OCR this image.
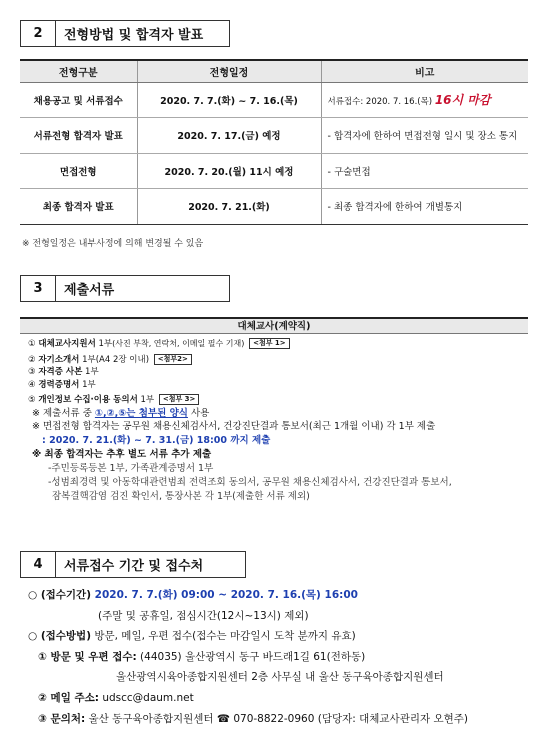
2	전형방법 및 합격자 발표
전형구분	전형일정	비고
채용공고 및 서류접수	2020. 7. 7.(화) ~ 7. 16.(목)	서류접수: 2020. 7. 16.(목) 16시 마감
서류전형 합격자 발표	2020. 7. 17.(금) 예정	- 합격자에 한하여 면접전형 일시 및 장소 통지
면접전형	2020. 7. 20.(월) 11시 예정	- 구술면접
최종 합격자 발표	2020. 7. 21.(화)	- 최종 합격자에 한하여 개별통지
※ 전형일정은 내부사정에 의해 변경될 수 있음
3	제출서류
대체교사(계약직)
① 대체교사지원서 1부(사진 부착, 연락처, 이메일 필수 기재) <첨부 1>
② 자기소개서 1부(A4 2장 이내) <첨부2>
③ 자격증 사본 1부
④ 경력증명서 1부
⑤ 개인정보 수집·이용 동의서 1부 <첨부 3>
※ 제출서류 중 ①,②,⑤는 첨부된 양식 사용
※ 면접전형 합격자는 공무원 채용신체검사서, 건강진단결과 통보서(최근 1개월 이내) 각 1부 제출
: 2020. 7. 21.(화) ~ 7. 31.(금) 18:00 까지 제출
※ 최종 합격자는 추후 별도 서류 추가 제출
-주민등록등본 1부, 가족관계증명서 1부
-성범죄경력 및 아동학대관련범죄 전력조회 동의서, 공무원 채용신체검사서, 건강진단결과 통보서,
잠복결핵감염 검진 확인서, 통장사본 각 1부(제출한 서류 제외)
4	서류접수 기간 및 접수처
○ (접수기간) 2020. 7. 7.(화) 09:00 ~ 2020. 7. 16.(목) 16:00
(주말 및 공휴일, 점심시간(12시~13시) 제외)
○ (접수방법) 방문, 메일, 우편 접수(접수는 마감일시 도착 분까지 유효)
① 방문 및 우편 접수: (44035) 울산광역시 동구 바드래1길 61(전하동)
울산광역시육아종합지원센터 2층 사무실 내 울산 동구육아종합지원센터
② 메일 주소: udscc@daum.net
③ 문의처: 울산 동구육아종합지원센터 ☎ 070-8822-0960 (담당자: 대체교사관리자 오현주)
